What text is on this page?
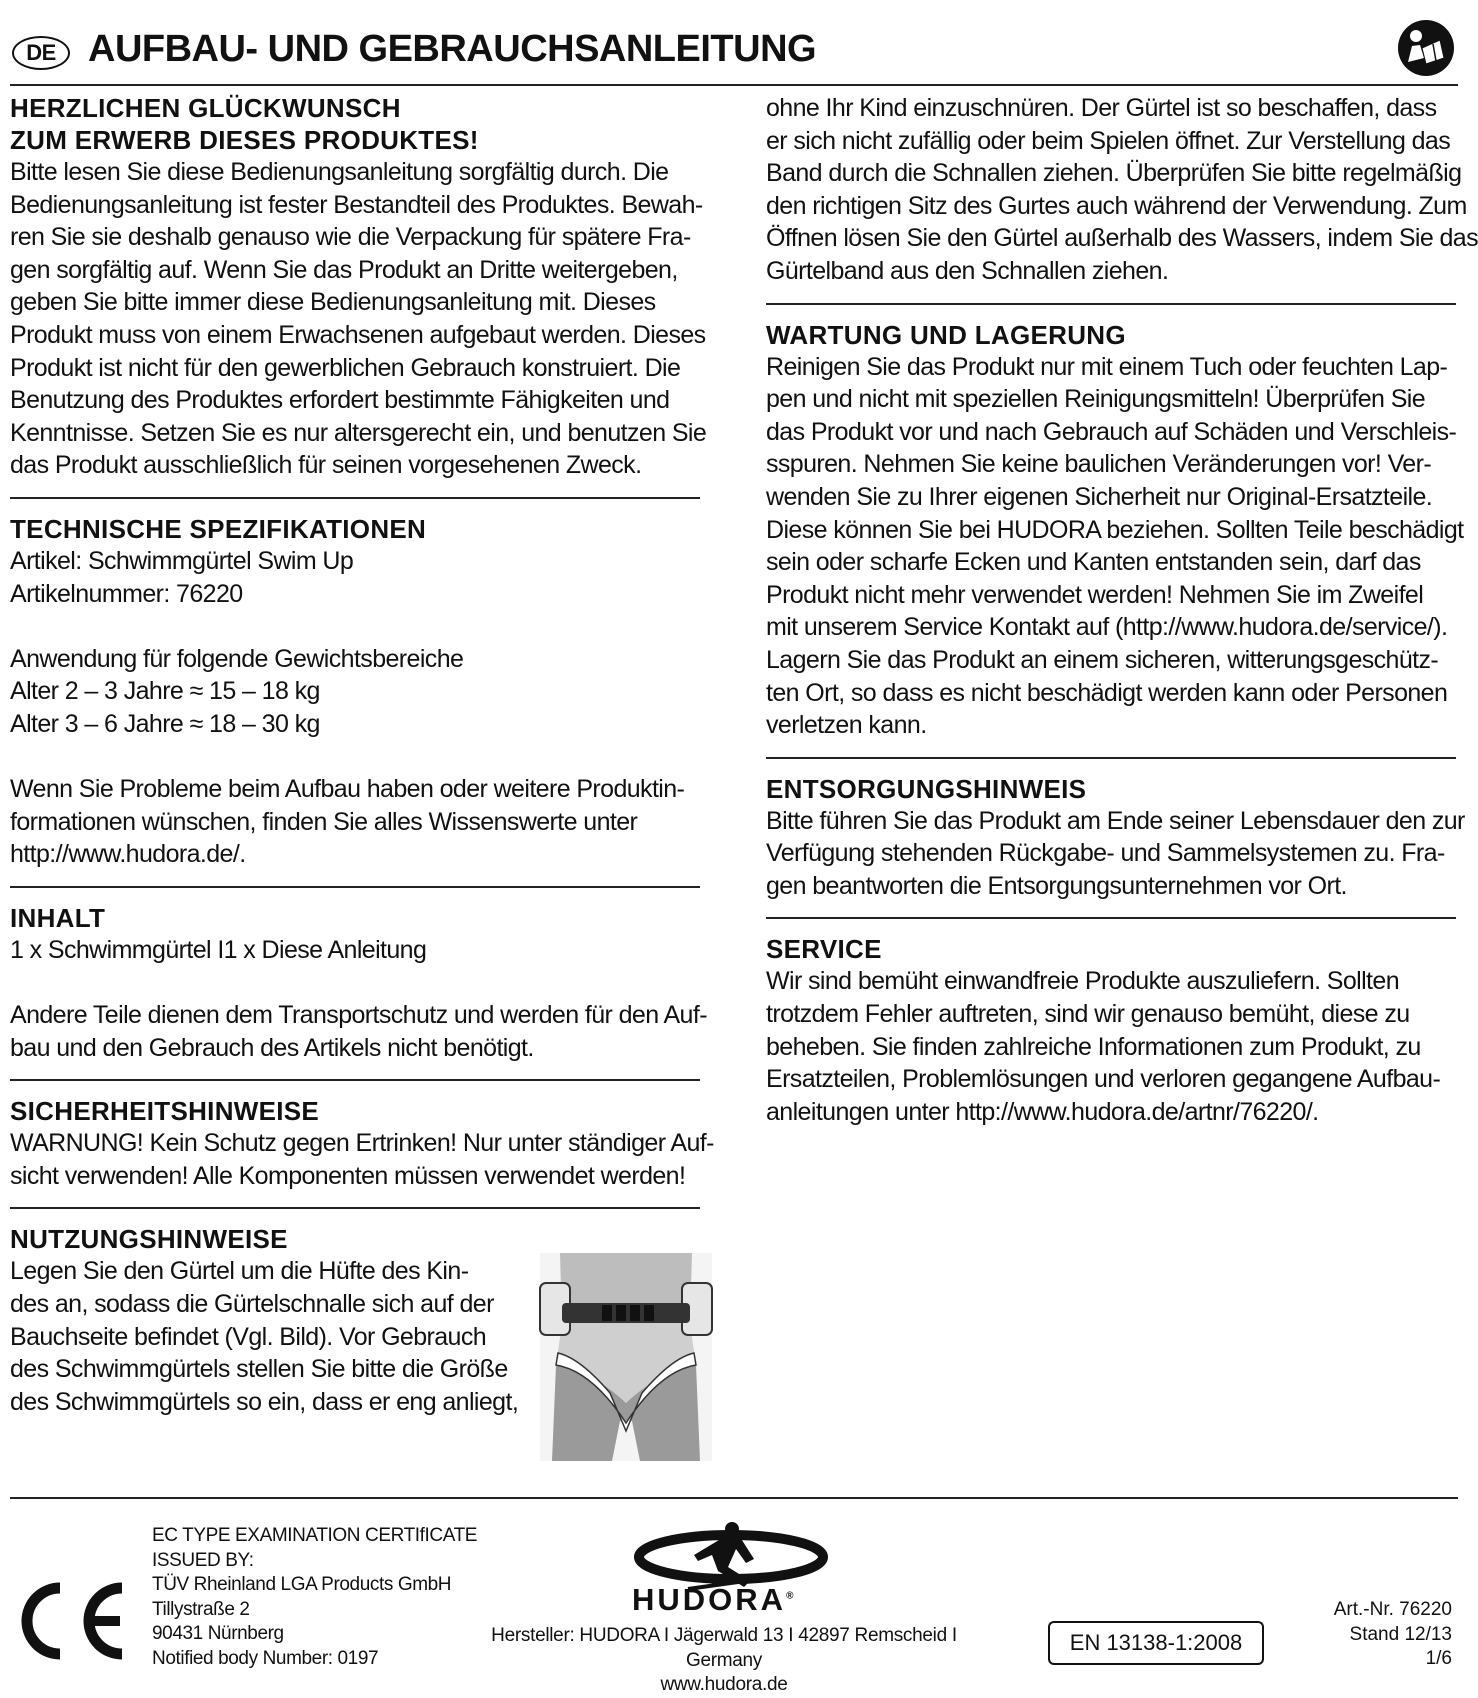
DE AUFBAU- UND GEBRAUCHSANLEITUNG
HERZLICHEN GLÜCKWUNSCH
ZUM ERWERB DIESES PRODUKTES!
Bitte lesen Sie diese Bedienungsanleitung sorgfältig durch. Die
Bedienungsanleitung ist fester Bestandteil des Produktes. Bewah-
ren Sie sie deshalb genauso wie die Verpackung für spätere Fra-
gen sorgfältig auf. Wenn Sie das Produkt an Dritte weitergeben,
geben Sie bitte immer diese Bedienungsanleitung mit. Dieses
Produkt muss von einem Erwachsenen aufgebaut werden. Dieses
Produkt ist nicht für den gewerblichen Gebrauch konstruiert. Die
Benutzung des Produktes erfordert bestimmte Fähigkeiten und
Kenntnisse. Setzen Sie es nur altersgerecht ein, und benutzen Sie
das Produkt ausschließlich für seinen vorgesehenen Zweck.
TECHNISCHE SPEZIFIKATIONEN
Artikel: Schwimmgürtel Swim Up
Artikelnummer: 76220
Anwendung für folgende Gewichtsbereiche
Alter 2 – 3 Jahre ≈ 15 – 18 kg
Alter 3 – 6 Jahre ≈ 18 – 30 kg
Wenn Sie Probleme beim Aufbau haben oder weitere Produktin-
formationen wünschen, finden Sie alles Wissenswerte unter
http://www.hudora.de/.
INHALT
1 x Schwimmgürtel I1 x Diese Anleitung
Andere Teile dienen dem Transportschutz und werden für den Auf-
bau und den Gebrauch des Artikels nicht benötigt.
SICHERHEITSHINWEISE
WARNUNG! Kein Schutz gegen Ertrinken! Nur unter ständiger Auf-
sicht verwenden! Alle Komponenten müssen verwendet werden!
NUTZUNGSHINWEISE
Legen Sie den Gürtel um die Hüfte des Kin-
des an, sodass die Gürtelschnalle sich auf der
Bauchseite befindet (Vgl. Bild). Vor Gebrauch
des Schwimmgürtels stellen Sie bitte die Größe
des Schwimmgürtels so ein, dass er eng anliegt,
ohne Ihr Kind einzuschnüren. Der Gürtel ist so beschaffen, dass
er sich nicht zufällig oder beim Spielen öffnet. Zur Verstellung das
Band durch die Schnallen ziehen. Überprüfen Sie bitte regelmäßig
den richtigen Sitz des Gurtes auch während der Verwendung. Zum
Öffnen lösen Sie den Gürtel außerhalb des Wassers, indem Sie das
Gürtelband aus den Schnallen ziehen.
WARTUNG UND LAGERUNG
Reinigen Sie das Produkt nur mit einem Tuch oder feuchten Lap-
pen und nicht mit speziellen Reinigungsmitteln! Überprüfen Sie
das Produkt vor und nach Gebrauch auf Schäden und Verschleis-
sspuren. Nehmen Sie keine baulichen Veränderungen vor! Ver-
wenden Sie zu Ihrer eigenen Sicherheit nur Original-Ersatzteile.
Diese können Sie bei HUDORA beziehen. Sollten Teile beschädigt
sein oder scharfe Ecken und Kanten entstanden sein, darf das
Produkt nicht mehr verwendet werden! Nehmen Sie im Zweifel
mit unserem Service Kontakt auf (http://www.hudora.de/service/).
Lagern Sie das Produkt an einem sicheren, witterungsgeschütz-
ten Ort, so dass es nicht beschädigt werden kann oder Personen
verletzen kann.
ENTSORGUNGSHINWEIS
Bitte führen Sie das Produkt am Ende seiner Lebensdauer den zur
Verfügung stehenden Rückgabe- und Sammelsystemen zu. Fra-
gen beantworten die Entsorgungsunternehmen vor Ort.
SERVICE
Wir sind bemüht einwandfreie Produkte auszuliefern. Sollten
trotzdem Fehler auftreten, sind wir genauso bemüht, diese zu
beheben. Sie finden zahlreiche Informationen zum Produkt, zu
Ersatzteilen, Problemlösungen und verloren gegangene Aufbau-
anleitungen unter http://www.hudora.de/artnr/76220/.
EC TYPE EXAMINATION CERTIfICATE
ISSUED BY:
TÜV Rheinland LGA Products GmbH
Tillystraße 2
90431 Nürnberg
Notified body Number: 0197
HUDORA®
Hersteller: HUDORA I Jägerwald 13 I 42897 Remscheid I Germany
www.hudora.de
EN 13138-1:2008
Art.-Nr. 76220
Stand 12/13
1/6
